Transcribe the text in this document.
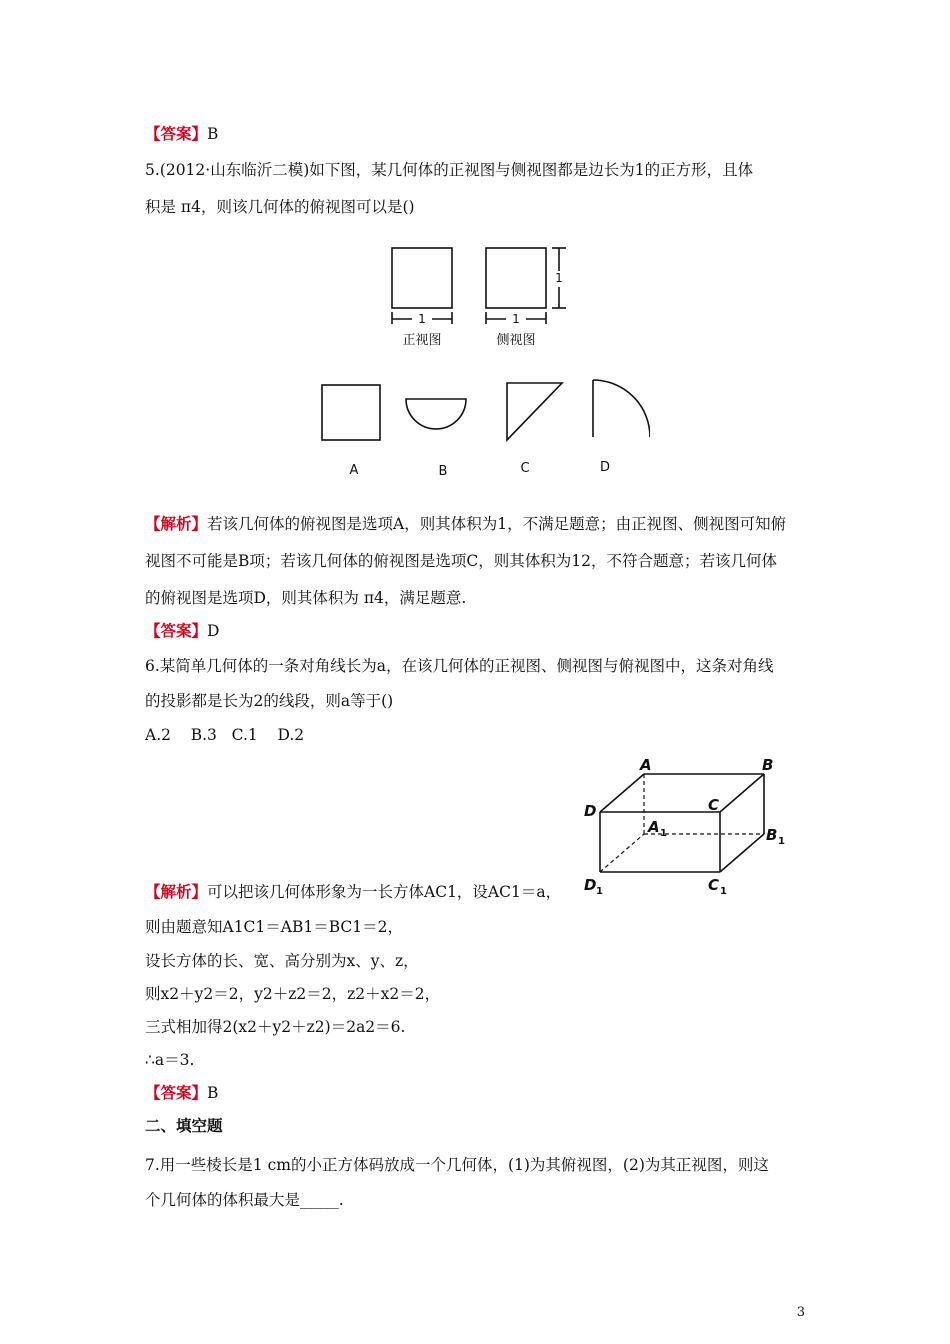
【答案】B
5.(2012·山东临沂二模)如下图，某几何体的正视图与侧视图都是边长为1的正方形，且体
积是 π4，则该几何体的俯视图可以是()
1	1
1
正视图	侧视图
A	B	C	D
【解析】若该几何体的俯视图是选项A，则其体积为1，不满足题意；由正视图、侧视图可知俯
视图不可能是B项；若该几何体的俯视图是选项C，则其体积为12，不符合题意；若该几何体
的俯视图是选项D，则其体积为 π4，满足题意.
【答案】D
6.某简单几何体的一条对角线长为a，在该几何体的正视图、侧视图与俯视图中，这条对角线
的投影都是长为2的线段，则a等于()
A.2    B.3   C.1    D.2
A	B
C
D
A 1	B 1
C 1
D 1
【解析】可以把该几何体形象为一长方体AC1，设AC1＝a，
则由题意知A1C1＝AB1＝BC1＝2，
设长方体的长、宽、高分别为x、y、z，
则x2＋y2＝2，y2＋z2＝2，z2＋x2＝2，
三式相加得2(x2＋y2＋z2)＝2a2＝6.
∴a＝3.
【答案】B
二、填空题
7.用一些棱长是1 cm的小正方体码放成一个几何体，(1)为其俯视图，(2)为其正视图，则这
个几何体的体积最大是_____.
3
